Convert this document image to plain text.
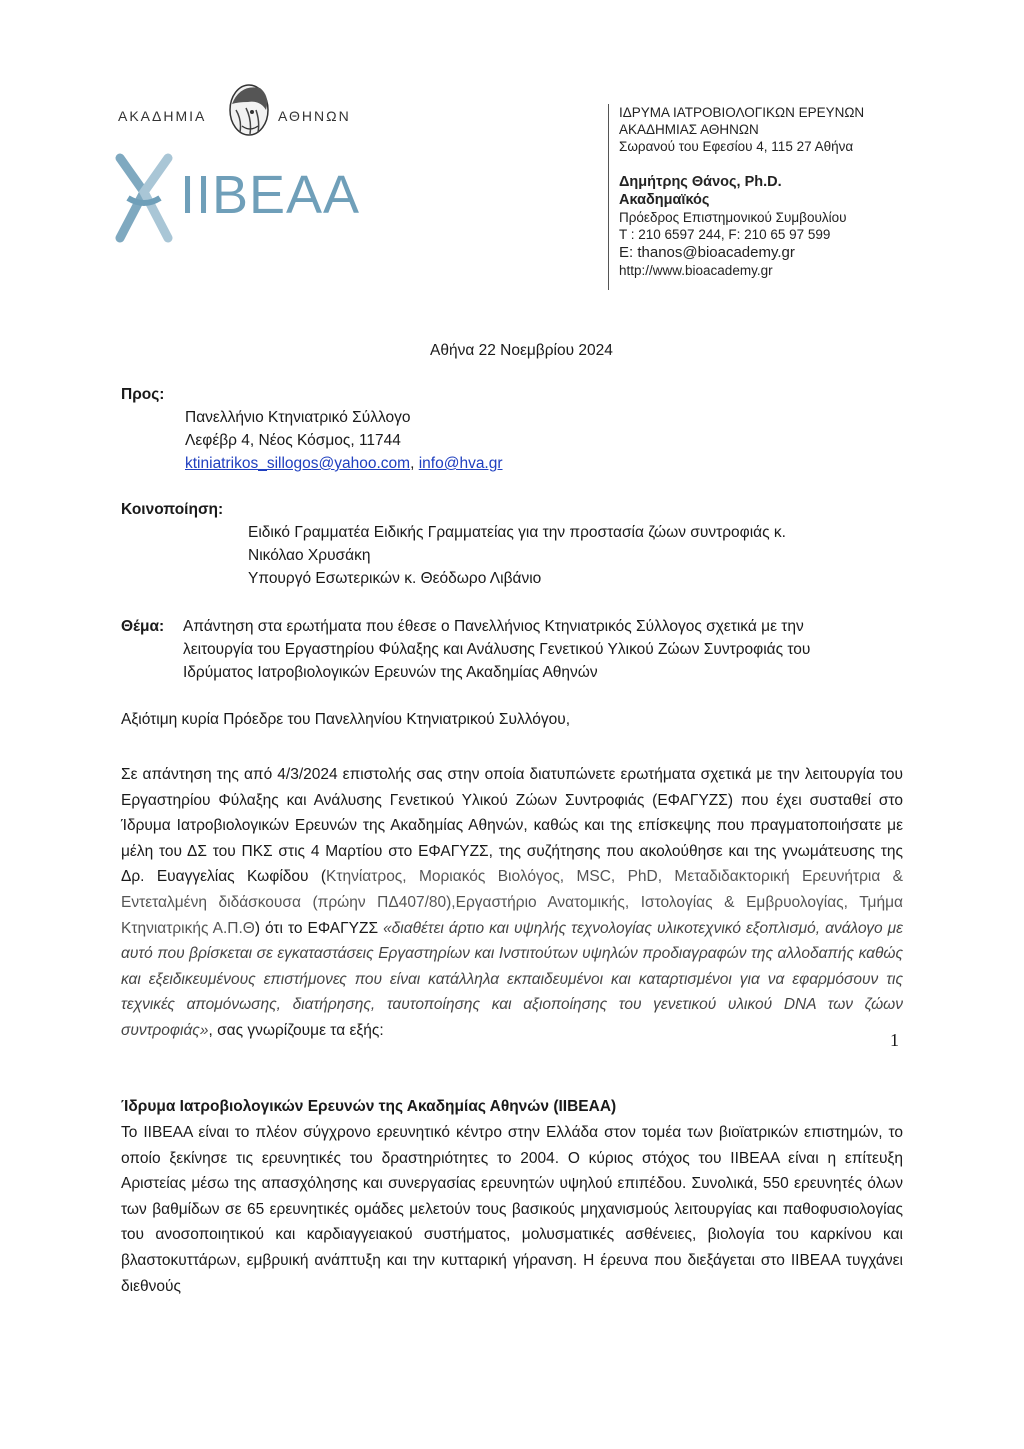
ΑΚΑΔΗΜΙΑ	ΑΘΗΝΩΝ
IIBEAA
ΙΔΡΥΜΑ ΙΑΤΡΟΒΙΟΛΟΓΙΚΩΝ ΕΡΕΥΝΩΝ
ΑΚΑΔΗΜΙΑΣ ΑΘΗΝΩΝ
Σωρανού του Εφεσίου 4, 115 27 Αθήνα
Δημήτρης Θάνος, Ph.D.
Ακαδημαϊκός
Πρόεδρος Επιστημονικού Συμβουλίου
T : 210 6597 244, F: 210 65 97 599
E: thanos@bioacademy.gr
http://www.bioacademy.gr
Αθήνα 22 Νοεμβρίου 2024
Προς:
Πανελλήνιο Κτηνιατρικό Σύλλογο
Λεφέβρ 4, Νέος Κόσμος, 11744
ktiniatrikos_sillogos@yahoo.com, info@hva.gr
Κοινοποίηση:
Ειδικό Γραμματέα Ειδικής Γραμματείας για την προστασία ζώων συντροφιάς κ.
Νικόλαο Χρυσάκη
Υπουργό Εσωτερικών κ. Θεόδωρο Λιβάνιο
Θέμα: Απάντηση στα ερωτήματα που έθεσε ο Πανελλήνιος Κτηνιατρικός Σύλλογος σχετικά με την
λειτουργία του Εργαστηρίου Φύλαξης και Ανάλυσης Γενετικού Υλικού Ζώων Συντροφιάς του
Ιδρύματος Ιατροβιολογικών Ερευνών της Ακαδημίας Αθηνών
Αξιότιμη κυρία Πρόεδρε του Πανελληνίου Κτηνιατρικού Συλλόγου,

Σε απάντηση της από 4/3/2024 επιστολής σας στην οποία διατυπώνετε ερωτήματα σχετικά με την λειτουργία του Εργαστηρίου Φύλαξης και Ανάλυσης Γενετικού Υλικού Ζώων Συντροφιάς (ΕΦΑΓΥΖΣ) που έχει συσταθεί στο Ίδρυμα Ιατροβιολογικών Ερευνών της Ακαδημίας Αθηνών, καθώς και της επίσκεψης που πραγματοποιήσατε με μέλη του ΔΣ του ΠΚΣ στις 4 Μαρτίου στο ΕΦΑΓΥΖΣ, της συζήτησης που ακολούθησε και της γνωμάτευσης της Δρ. Ευαγγελίας Κωφίδου (Κτηνίατρος, Μοριακός Βιολόγος, MSC, PhD, Μεταδιδακτορική Ερευνήτρια & Εντεταλμένη διδάσκουσα (πρώην ΠΔ407/80),Εργαστήριο Ανατομικής, Ιστολογίας & Εμβρυολογίας, Τμήμα Κτηνιατρικής Α.Π.Θ) ότι το ΕΦΑΓΥΖΣ «διαθέτει άρτιο και υψηλής τεχνολογίας υλικοτεχνικό εξοπλισμό, ανάλογο με αυτό που βρίσκεται σε εγκαταστάσεις Εργαστηρίων και Ινστιτούτων υψηλών προδιαγραφών της αλλοδαπής καθώς και εξειδικευμένους επιστήμονες που είναι κατάλληλα εκπαιδευμένοι και καταρτισμένοι για να εφαρμόσουν τις τεχνικές απομόνωσης, διατήρησης, ταυτοποίησης και αξιοποίησης του γενετικού υλικού DNA των ζώων συντροφιάς», σας γνωρίζουμε τα εξής:

Ίδρυμα Ιατροβιολογικών Ερευνών της Ακαδημίας Αθηνών (ΙΙΒΕΑΑ)

Το ΙΙΒΕΑΑ είναι το πλέον σύγχρονο ερευνητικό κέντρο στην Ελλάδα στον τομέα των βιοϊατρικών επιστημών, το οποίο ξεκίνησε τις ερευνητικές του δραστηριότητες το 2004. Ο κύριος στόχος του ΙΙΒΕΑΑ είναι η επίτευξη Αριστείας μέσω της απασχόλησης και συνεργασίας ερευνητών υψηλού επιπέδου. Συνολικά, 550 ερευνητές όλων των βαθμίδων σε 65 ερευνητικές ομάδες μελετούν τους βασικούς μηχανισμούς λειτουργίας και παθοφυσιολογίας του ανοσοποιητικού και καρδιαγγειακού συστήματος, μολυσματικές ασθένειες, βιολογία του καρκίνου και βλαστοκυττάρων, εμβρυική ανάπτυξη και την κυτταρική γήρανση. Η έρευνα που διεξάγεται στο ΙΙΒΕΑΑ τυγχάνει διεθνούς

1
